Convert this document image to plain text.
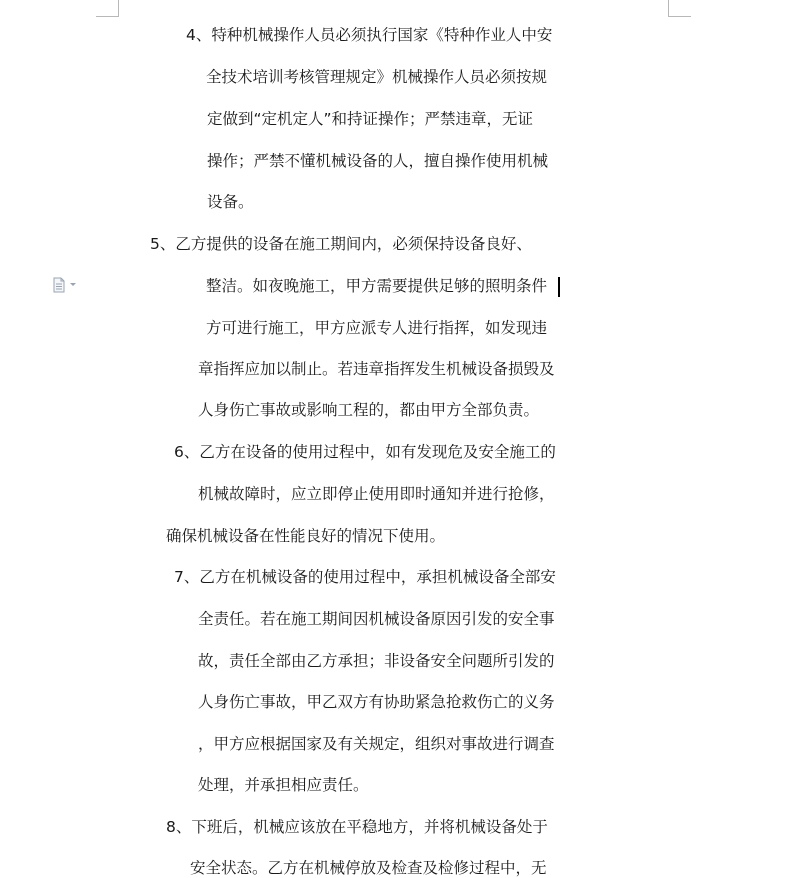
4、特种机械操作人员必须执行国家《特种作业人中安
全技术培训考核管理规定》机械操作人员必须按规
定做到“定机定人”和持证操作；严禁违章，无证
操作；严禁不懂机械设备的人，擅自操作使用机械
设备。
5、乙方提供的设备在施工期间内，必须保持设备良好、
整洁。如夜晚施工，甲方需要提供足够的照明条件
方可进行施工，甲方应派专人进行指挥，如发现违
章指挥应加以制止。若违章指挥发生机械设备损毁及
人身伤亡事故或影响工程的，都由甲方全部负责。
6、乙方在设备的使用过程中，如有发现危及安全施工的
机械故障时，应立即停止使用即时通知并进行抢修，
确保机械设备在性能良好的情况下使用。
7、乙方在机械设备的使用过程中，承担机械设备全部安
全责任。若在施工期间因机械设备原因引发的安全事
故，责任全部由乙方承担；非设备安全问题所引发的
人身伤亡事故，甲乙双方有协助紧急抢救伤亡的义务
，甲方应根据国家及有关规定，组织对事故进行调查
处理，并承担相应责任。
8、下班后，机械应该放在平稳地方，并将机械设备处于
安全状态。乙方在机械停放及检查及检修过程中，无
